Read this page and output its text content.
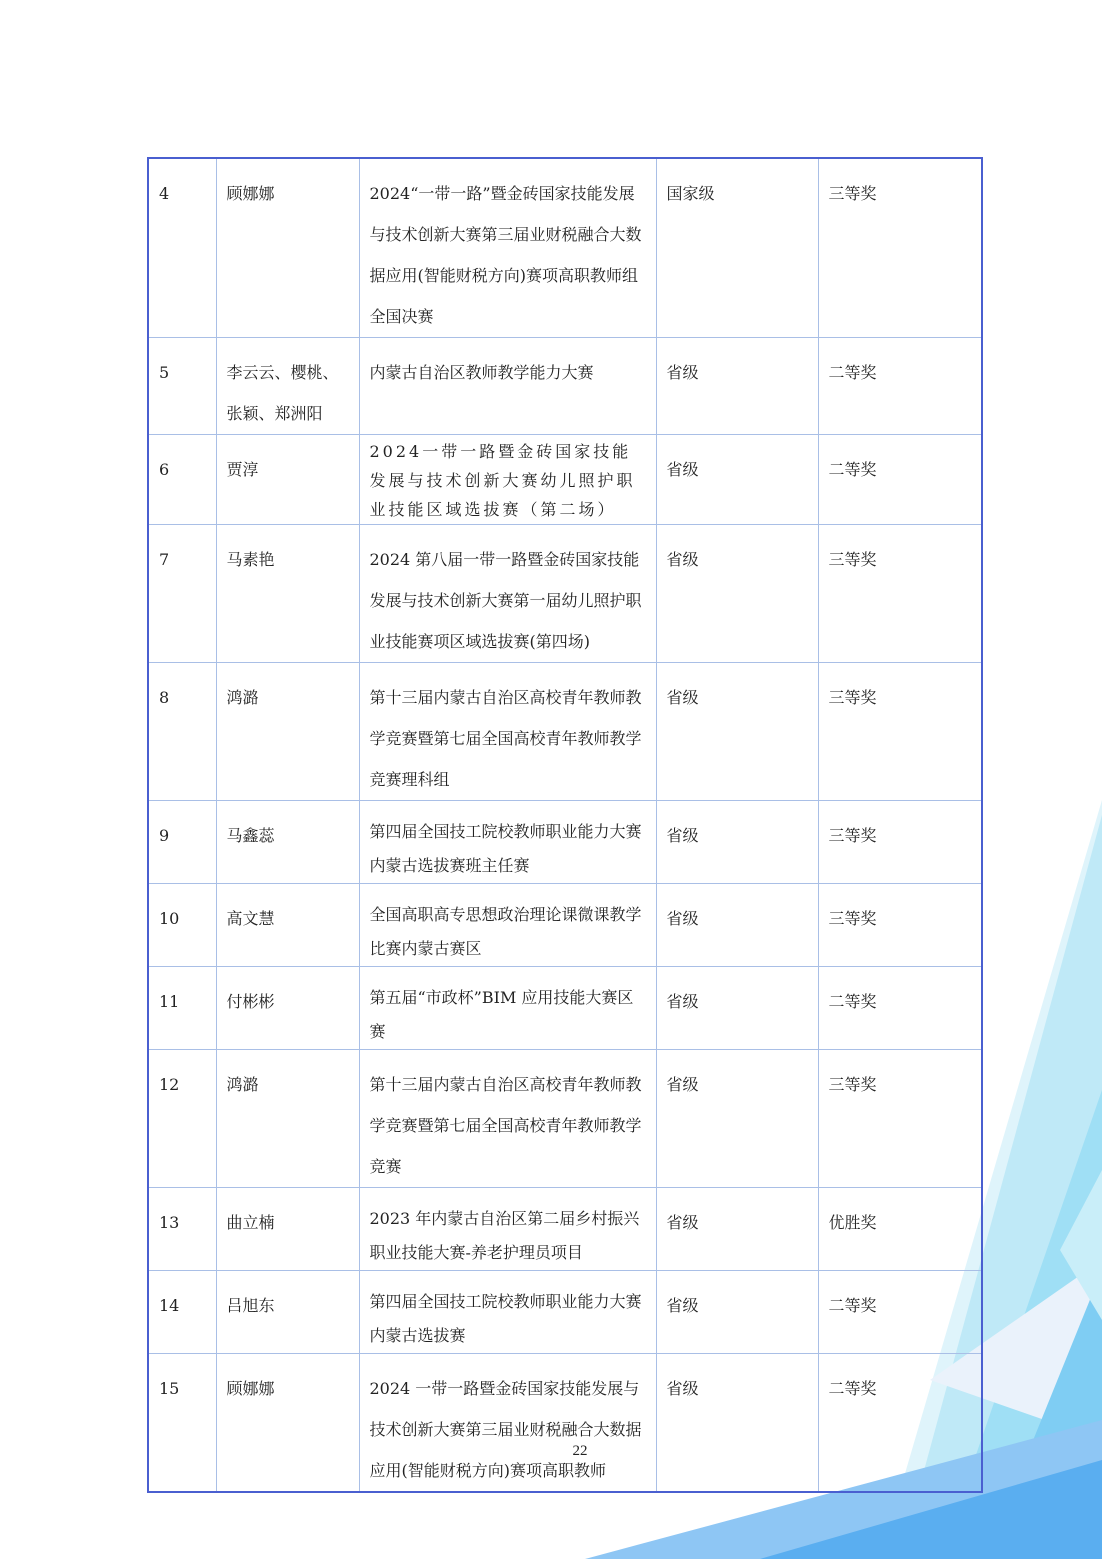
4	顾娜娜	2024“一带一路”暨金砖国家技能发展与技术创新大赛第三届业财税融合大数据应用(智能财税方向)赛项高职教师组全国决赛	国家级	三等奖
5	李云云、樱桃、张颖、郑洲阳	内蒙古自治区教师教学能力大赛	省级	二等奖
6	贾淳	2024一带一路暨金砖国家技能发展与技术创新大赛幼儿照护职业技能区域选拔赛（第二场）	省级	二等奖
7	马素艳	2024 第八届一带一路暨金砖国家技能发展与技术创新大赛第一届幼儿照护职业技能赛项区域选拔赛(第四场)	省级	三等奖
8	鸿潞	第十三届内蒙古自治区高校青年教师教学竞赛暨第七届全国高校青年教师教学竞赛理科组	省级	三等奖
9	马鑫蕊	第四届全国技工院校教师职业能力大赛内蒙古选拔赛班主任赛	省级	三等奖
10	高文慧	全国高职高专思想政治理论课微课教学比赛内蒙古赛区	省级	三等奖
11	付彬彬	第五届“市政杯”BIM 应用技能大赛区赛	省级	二等奖
12	鸿潞	第十三届内蒙古自治区高校青年教师教学竞赛暨第七届全国高校青年教师教学竞赛	省级	三等奖
13	曲立楠	2023 年内蒙古自治区第二届乡村振兴职业技能大赛-养老护理员项目	省级	优胜奖
14	吕旭东	第四届全国技工院校教师职业能力大赛内蒙古选拔赛	省级	二等奖
15	顾娜娜	2024 一带一路暨金砖国家技能发展与技术创新大赛第三届业财税融合大数据应用(智能财税方向)赛项高职教师	省级	二等奖
22
